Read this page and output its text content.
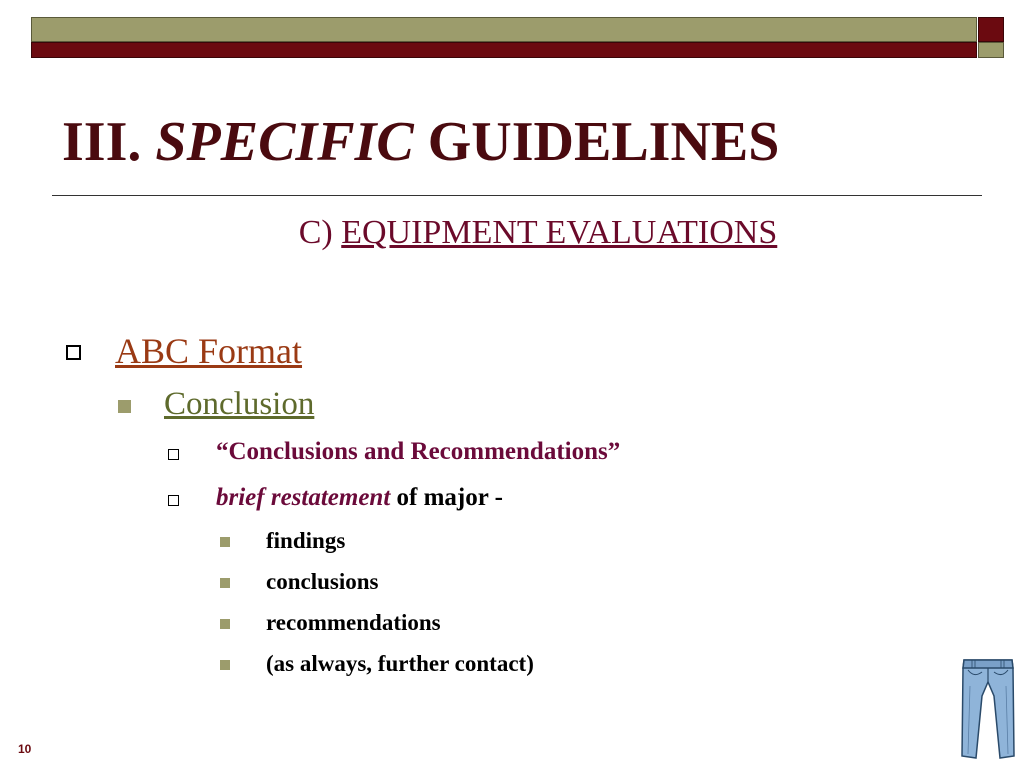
III. SPECIFIC GUIDELINES
C) EQUIPMENT EVALUATIONS
ABC Format
Conclusion
“Conclusions and Recommendations”
brief restatement of major -
findings
conclusions
recommendations
(as always, further contact)
10
